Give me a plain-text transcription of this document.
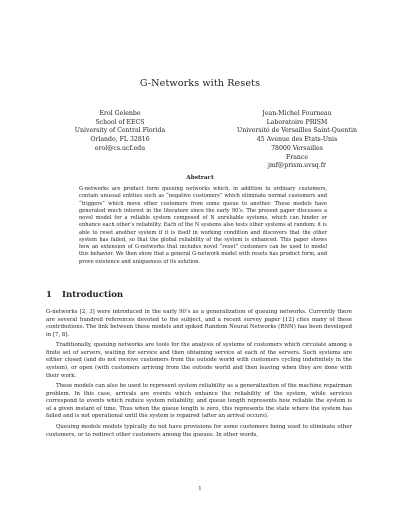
G-Networks with Resets
Erol Gelenbe
School of EECS
University of Central Florida
Orlando, FL 32816
erol@cs.ucf.edu
Jean-Michel Fourneau
Laboratoire PRISM
Université de Versailles Saint-Quentin
45 Avenue des Etats-Unis
78000 Versailles
France
jmf@prism.uvsq.fr
Abstract
G-networks are product form queuing networks which, in addition to ordinary customers, contain unusual entities such as “negative customers” which eliminate normal customers and “triggers” which move other customers from some queue to another. These models have generated much interest in the literature since the early 90’s. The present paper discusses a novel model for a reliable system composed of N unreliable systems, which can hinder or enhance each other’s reliability. Each of the N systems also tests other systems at random; it is able to reset another system if it is itself in working condition and discovers that the other system has failed, so that the global reliability of the system is enhanced. This paper shows how an extension of G-networks that includes novel “reset” customers can be used to model this behavior. We then show that a general G-network model with resets has product form, and prove existence and uniqueness of its solution.
1 Introduction

G-networks [2, 3] were introduced in the early 90’s as a generalization of queuing networks. Currently there are several hundred references devoted to the subject, and a recent survey paper [12] cites many of these contributions. The link between these models and spiked Random Neural Networks (RNN) has been developed in [7, 8].

Traditionally, queuing networks are tools for the analysis of systems of customers which circulate among a finite set of servers, waiting for service and then obtaining service at each of the servers. Such systems are either closed (and do not receive customers from the outside world with customers cycling indefinitely in the system), or open (with customers arriving from the outside world and then leaving when they are done with their work.

These models can also be used to represent system reliability as a generalization of the machine repairman problem. In this case, arrivals are events which enhance the reliability of the system, while services correspond to events which reduce system reliability, and queue length represents how reliable the system is at a given instant of time. Thus when the queue length is zero, this represents the state where the system has failed and is not operational until the system is repaired (after an arrival occurs).

Queuing models models typically do not have provisions for some customers being used to eliminate other customers, or to redirect other customers among the queues. In other words,

1
